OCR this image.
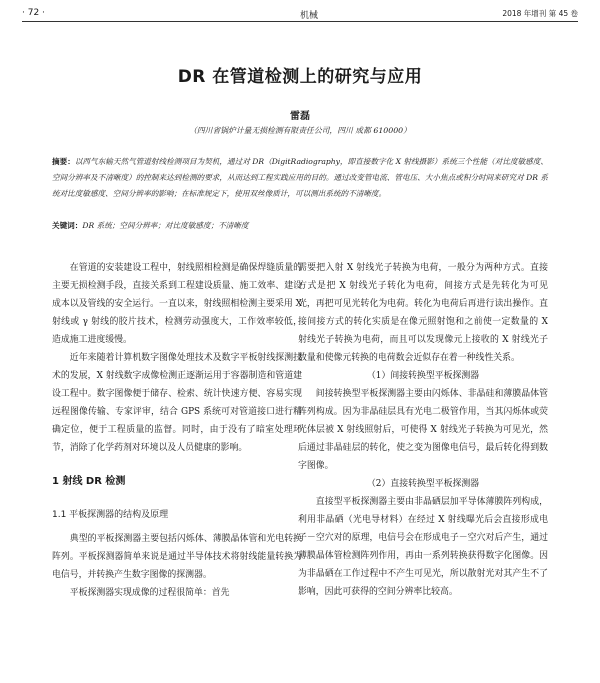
· 72 ·	机械	2018 年增刊 第 45 卷
DR 在管道检测上的研究与应用
雷磊
（四川省锅炉计量无损检测有限责任公司，四川 成都 610000）
摘要：以西气东输天然气管道射线检测项目为契机，通过对 DR（DigitRadiography，即直接数字化 X 射线摄影）系统三个性能（对比度敏感度、空间分辨率及不清晰度）的控制来达到检测的要求，从而达到工程实践应用的目的。通过改变管电流、管电压、大小焦点或积分时间来研究对 DR 系统对比度敏感度、空间分辨率的影响；在标准规定下，使用双丝像质计，可以测出系统的不清晰度。
关键词：DR 系统；空间分辨率；对比度敏感度；不清晰度

在管道的安装建设工程中，射线照相检测是确保焊缝质量的主要无损检测手段，直接关系到工程建设质量、施工效率、建设成本以及管线的安全运行。一直以来，射线照相检测主要采用 X 射线或 γ 射线的胶片技术，检测劳动强度大，工作效率较低，造成施工进度缓慢。

近年来随着计算机数字图像处理技术及数字平板射线探测技术的发展，X 射线数字成像检测正逐渐运用于容器制造和管道建设工程中。数字图像便于储存、检索、统计快速方便、容易实现远程图像传输、专家评审，结合 GPS 系统可对管道接口进行精确定位，便于工程质量的监督。同时，由于没有了暗室处理环节，消除了化学药剂对环境以及人员健康的影响。

1 射线 DR 检测
1.1 平板探测器的结构及原理

典型的平板探测器主要包括闪烁体、薄膜晶体管和光电转换阵列。平板探测器简单来说是通过半导体技术将射线能量转换为电信号，并转换产生数字图像的探测器。

平板探测器实现成像的过程很简单：首先

需要把入射 X 射线光子转换为电荷，一般分为两种方式。直接方式是把 X 射线光子转化为电荷，间接方式是先转化为可见光，再把可见光转化为电荷。转化为电荷后再进行读出操作。直接间接方式的转化实质是在像元照射饱和之前使一定数量的 X 射线光子转换为电荷，而且可以发现像元上接收的 X 射线光子数量和使像元转换的电荷数会近似存在着一种线性关系。

（1）间接转换型平板探测器

间接转换型平板探测器主要由闪烁体、非晶硅和薄膜晶体管阵列构成。因为非晶硅层具有光电二极管作用，当其闪烁体或荧光体层被 X 射线照射后，可使得 X 射线光子转换为可见光，然后通过非晶硅层的转化，使之变为图像电信号，最后转化得到数字图像。

（2）直接转换型平板探测器

直接型平板探测器主要由非晶硒层加平导体薄膜阵列构成，利用非晶硒（光电导材料）在经过 X 射线曝光后会直接形成电子－空穴对的原理，电信号会在形成电子－空穴对后产生，通过薄膜晶体管检测阵列作用，再由一系列转换获得数字化图像。因为非晶硒在工作过程中不产生可见光，所以散射光对其产生不了影响，因此可获得的空间分辨率比较高。
